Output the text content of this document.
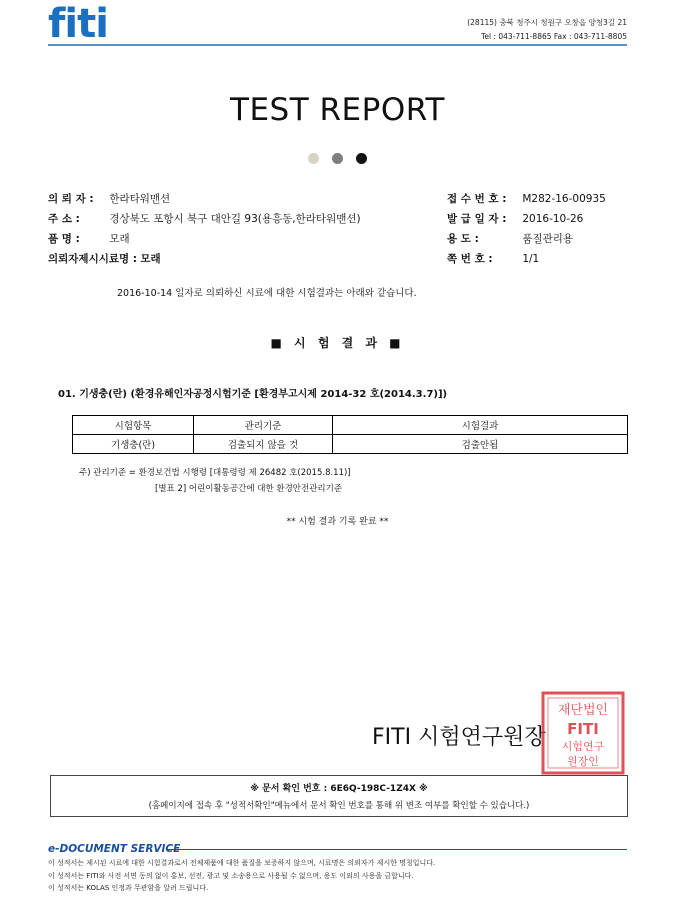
fiti	(28115) 충북 청주시 청원구 오창읍 양청3길 21
Tel : 043-711-8865 Fax : 043-711-8805
TEST REPORT

의 뢰 자 : 한라타워맨션
주 소 :	경상북도 포항시 북구 대안길 93(용흥동,한라타워맨션)
품 명 :	모래
의뢰자제시시료명 : 모래
접 수 번 호 : M282-16-00935
발 급 일 자 : 2016-10-26
용 도 :	품질관리용
쪽 번 호 :	1/1
2016-10-14 일자로 의뢰하신 시료에 대한 시험결과는 아래와 같습니다.
■ 시 험 결 과 ■
01. 기생충(란) (환경유해인자공정시험기준 [환경부고시제 2014-32 호(2014.3.7)])
시험항목	관리기준	시험결과
기생충(란)	검출되지 않을 것	검출안됨
주) 관리기준 = 환경보건법 시행령 [대통령령 제 26482 호(2015.8.11)]
[별표 2] 어린이활동공간에 대한 환경안전관리기준
** 시험 결과 기록 완료 **
FITI 시험연구원장
재단법인
FITI
시험연구
원장인
※ 문서 확인 번호 : 6E6Q-198C-1Z4X ※
(홈페이지에 접속 후 "성적서확인"메뉴에서 문서 확인 번호를 통해 위 변조 여부를 확인할 수 있습니다.)
e-DOCUMENT SERVICE
이 성적서는 제시된 시료에 대한 시험결과로서 전체제품에 대한 품질을 보증하지 않으며, 시료명은 의뢰자가 제시한 명칭입니다.
이 성적서는 FITI와 사전 서면 동의 없이 홍보, 선전, 광고 및 소송용으로 사용될 수 없으며, 용도 이외의 사용을 금합니다.
이 성적서는 KOLAS 인정과 무관함을 알려 드립니다.
